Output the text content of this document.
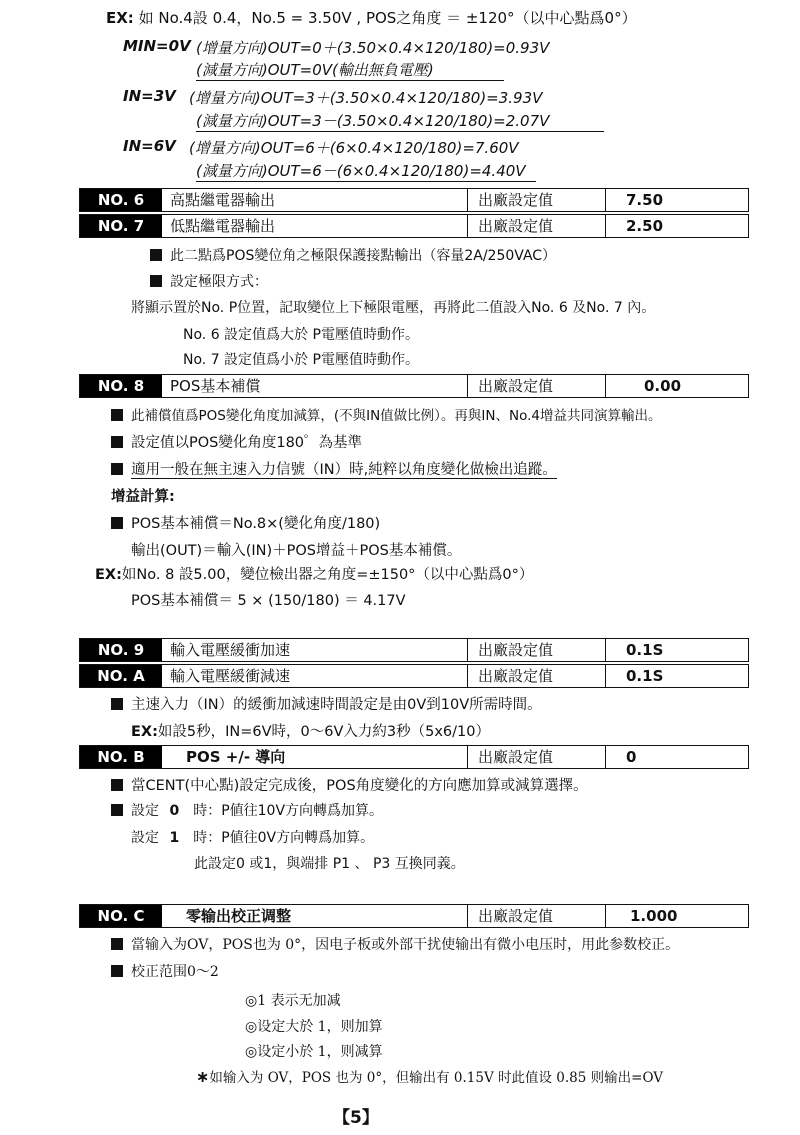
EX: 如 No.4設 0.4，No.5 = 3.50V , POS之角度 ＝ ±120°（以中心點爲0°）
MIN=0V (增量方向)OUT=0＋(3.50×0.4×120/180)=0.93V
(減量方向)OUT=0V(輸出無負電壓)
IN=3V (增量方向)OUT=3＋(3.50×0.4×120/180)=3.93V
(減量方向)OUT=3－(3.50×0.4×120/180)=2.07V
IN=6V (增量方向)OUT=6＋(6×0.4×120/180)=7.60V
(減量方向)OUT=6－(6×0.4×120/180)=4.40V
NO. 6	高點繼電器輸出	出廠設定值	7.50
NO. 7	低點繼電器輸出	出廠設定值	2.50
此二點爲POS變位角之極限保護接點輸出（容量2A/250VAC）
設定極限方式：
將顯示置於No. P位置，記取變位上下極限電壓，再將此二值設入No. 6 及No. 7 內。
No. 6 設定值爲大於 P電壓值時動作。
No. 7 設定值爲小於 P電壓值時動作。
NO. 8	POS基本補償	出廠設定值	0.00
此補償值爲POS變化角度加減算，(不與IN值做比例）。再與IN、No.4增益共同演算輸出。
設定值以POS變化角度180゜為基準
適用一般在無主速入力信號（IN）時,純粹以角度變化做檢出追蹤。
增益計算:
POS基本補償＝No.8×(變化角度/180)
輸出(OUT)＝輸入(IN)＋POS增益＋POS基本補償。
EX:如No. 8 設5.00，變位檢出器之角度=±150°（以中心點爲0°）
POS基本補償＝ 5 × (150/180) ＝ 4.17V
NO. 9	輸入電壓緩衝加速	出廠設定值	0.1S
NO. A	輸入電壓緩衝減速	出廠設定值	0.1S
主速入力（IN）的緩衝加減速時間設定是由0V到10V所需時間。
EX:如設5秒，IN=6V時，0～6V入力約3秒（5x6/10）
NO. B	POS +/- 導向	出廠設定值	0
當CENT(中心點)設定完成後，POS角度變化的方向應加算或減算選擇。
設定 0 時：P値往10V方向轉爲加算。
設定 1 時：P値往0V方向轉爲加算。
此設定0 或1，與端排 P1 、 P3 互換同義。
NO. C	零输出校正调整	出廠設定值	1.000
當输入为OV，POS也为 0°，因电子板或外部干扰使输出有微小电压时，用此参数校正。
校正范围0～2
◎1 表示无加减
◎设定大於 1，则加算
◎设定小於 1，则减算
∗如输入为 OV，POS 也为 0°，但输出有 0.15V 时此值设 0.85 则输出=OV
【5】
